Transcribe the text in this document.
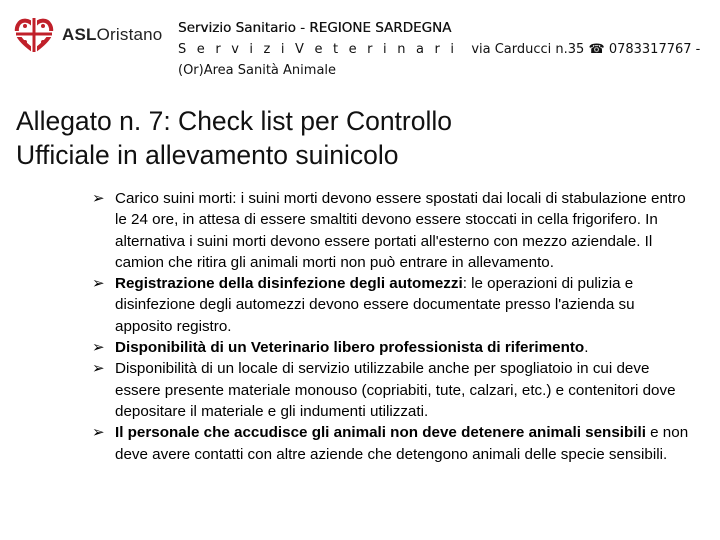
ASLOristano Servizio Sanitario - REGIONE SARDEGNA
S e r v i z i V e t e r i n a r i via Carducci n.35 ☎ 0783317767 -
(Or)Area Sanità Animale
Allegato n. 7: Check list per Controllo
Ufficiale in allevamento suinicolo
➢ Carico suini morti: i suini morti devono essere spostati dai locali di stabulazione entro le 24 ore, in attesa di essere smaltiti devono essere stoccati in cella frigorifero. In alternativa i suini morti devono essere portati all'esterno con mezzo aziendale. Il camion che ritira gli animali morti non può entrare in allevamento.
➢ Registrazione della disinfezione degli automezzi: le operazioni di pulizia e disinfezione degli automezzi devono essere documentate presso l'azienda su apposito registro.
➢ Disponibilità di un Veterinario libero professionista di riferimento.
➢ Disponibilità di un locale di servizio utilizzabile anche per spogliatoio in cui deve essere presente materiale monouso (copriabiti, tute, calzari, etc.) e contenitori dove depositare il materiale e gli indumenti utilizzati.
➢ Il personale che accudisce gli animali non deve detenere animali sensibili e non deve avere contatti con altre aziende che detengono animali delle specie sensibili.
